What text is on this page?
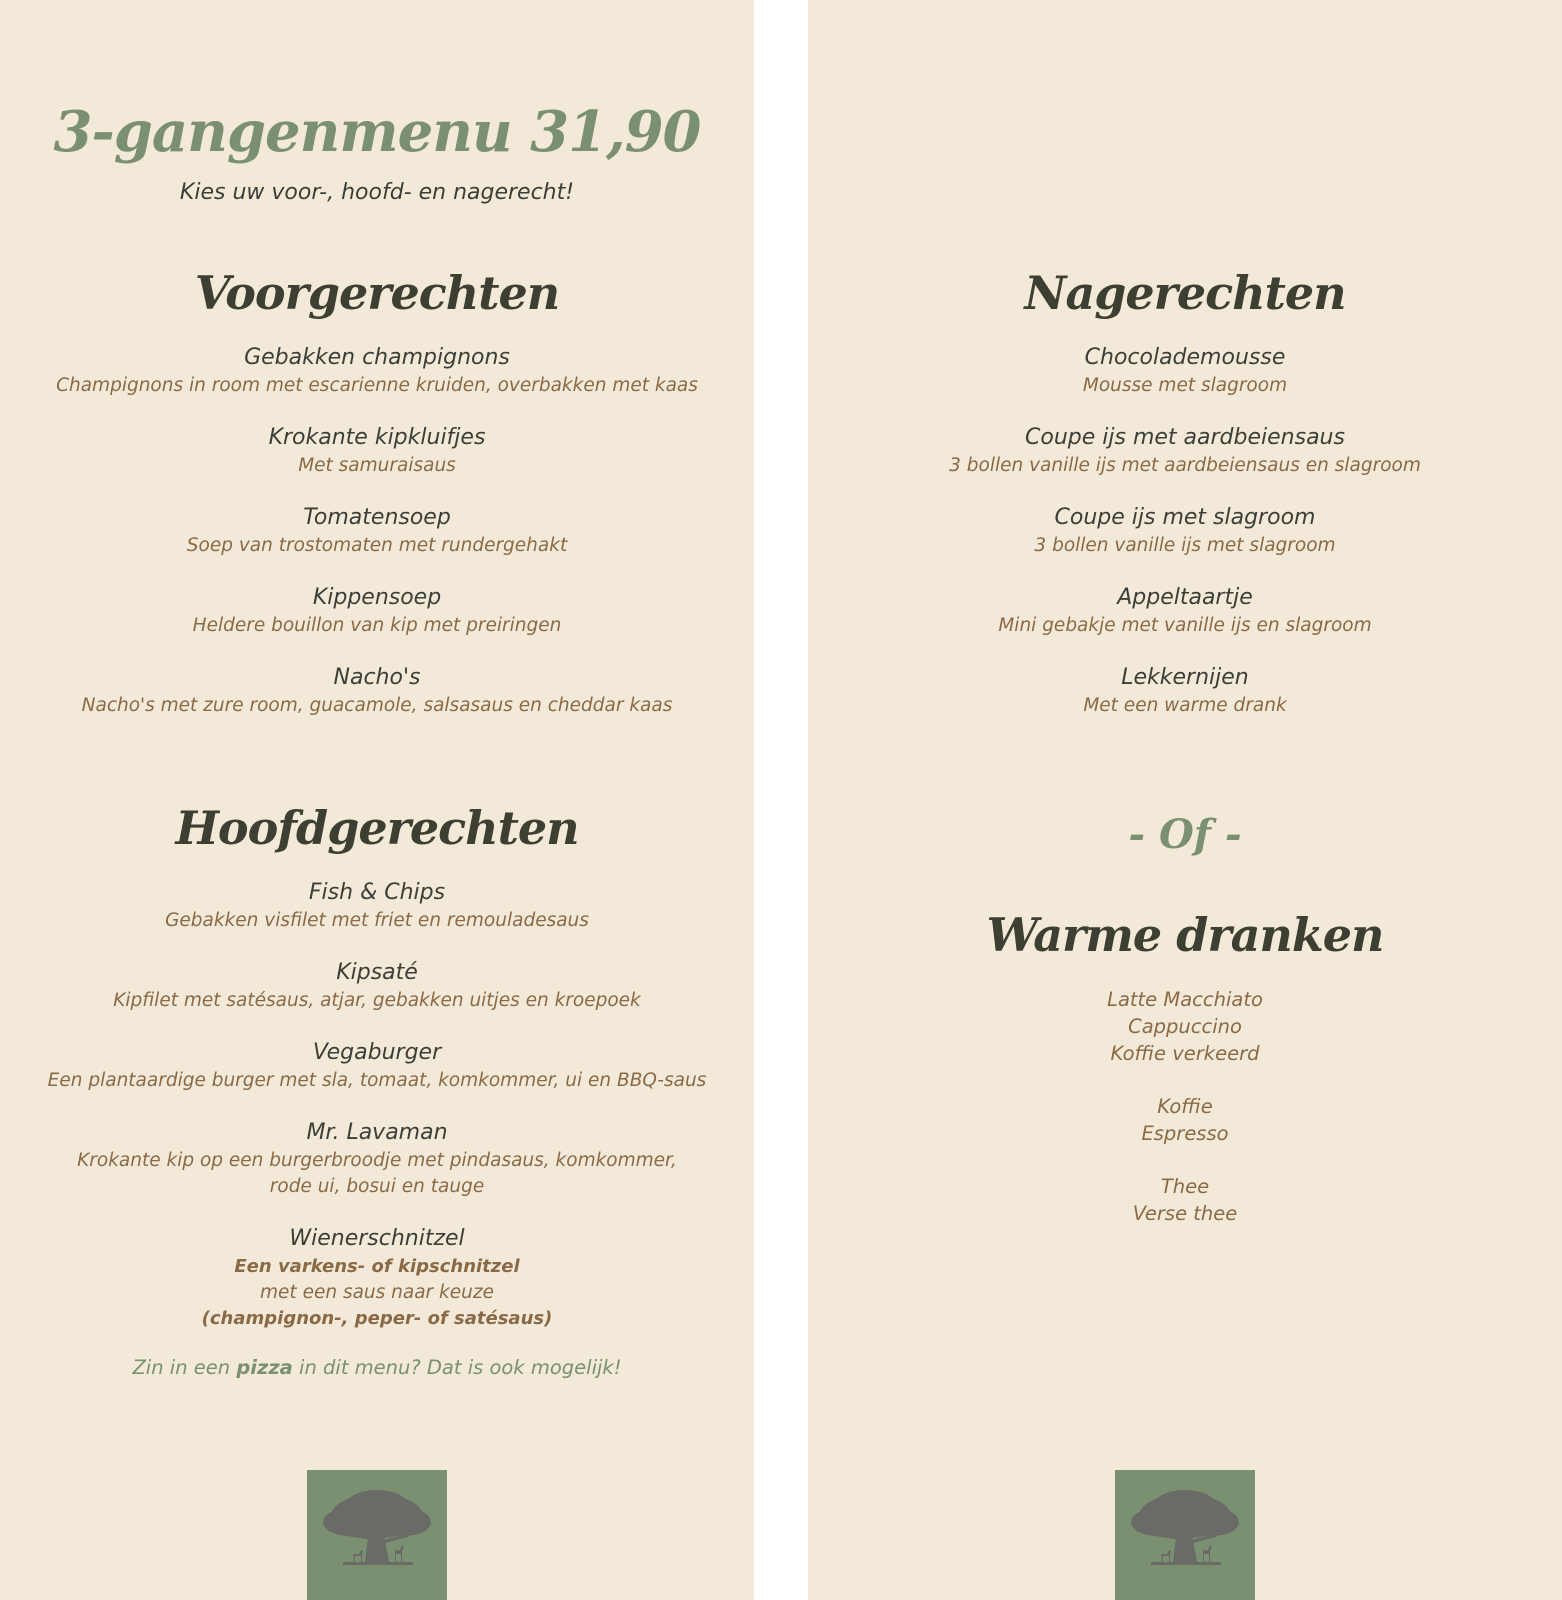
3-gangenmenu 31,90
Kies uw voor-, hoofd- en nagerecht!
Voorgerechten
Gebakken champignons
Champignons in room met escarienne kruiden, overbakken met kaas
Krokante kipkluifjes
Met samuraisaus
Tomatensoep
Soep van trostomaten met rundergehakt
Kippensoep
Heldere bouillon van kip met preiringen
Nacho's
Nacho's met zure room, guacamole, salsasaus en cheddar kaas
Hoofdgerechten
Fish & Chips
Gebakken visfilet met friet en remouladesaus
Kipsaté
Kipfilet met satésaus, atjar, gebakken uitjes en kroepoek
Vegaburger
Een plantaardige burger met sla, tomaat, komkommer, ui en BBQ-saus
Mr. Lavaman
Krokante kip op een burgerbroodje met pindasaus, komkommer,
rode ui, bosui en tauge
Wienerschnitzel
Een varkens- of kipschnitzel
met een saus naar keuze
(champignon-, peper- of satésaus)
Zin in een pizza in dit menu? Dat is ook mogelijk!
Nagerechten
Chocolademousse
Mousse met slagroom
Coupe ijs met aardbeiensaus
3 bollen vanille ijs met aardbeiensaus en slagroom
Coupe ijs met slagroom
3 bollen vanille ijs met slagroom
Appeltaartje
Mini gebakje met vanille ijs en slagroom
Lekkernijen
Met een warme drank
- Of -
Warme dranken
Latte Macchiato
Cappuccino
Koffie verkeerd
Koffie
Espresso
Thee
Verse thee
